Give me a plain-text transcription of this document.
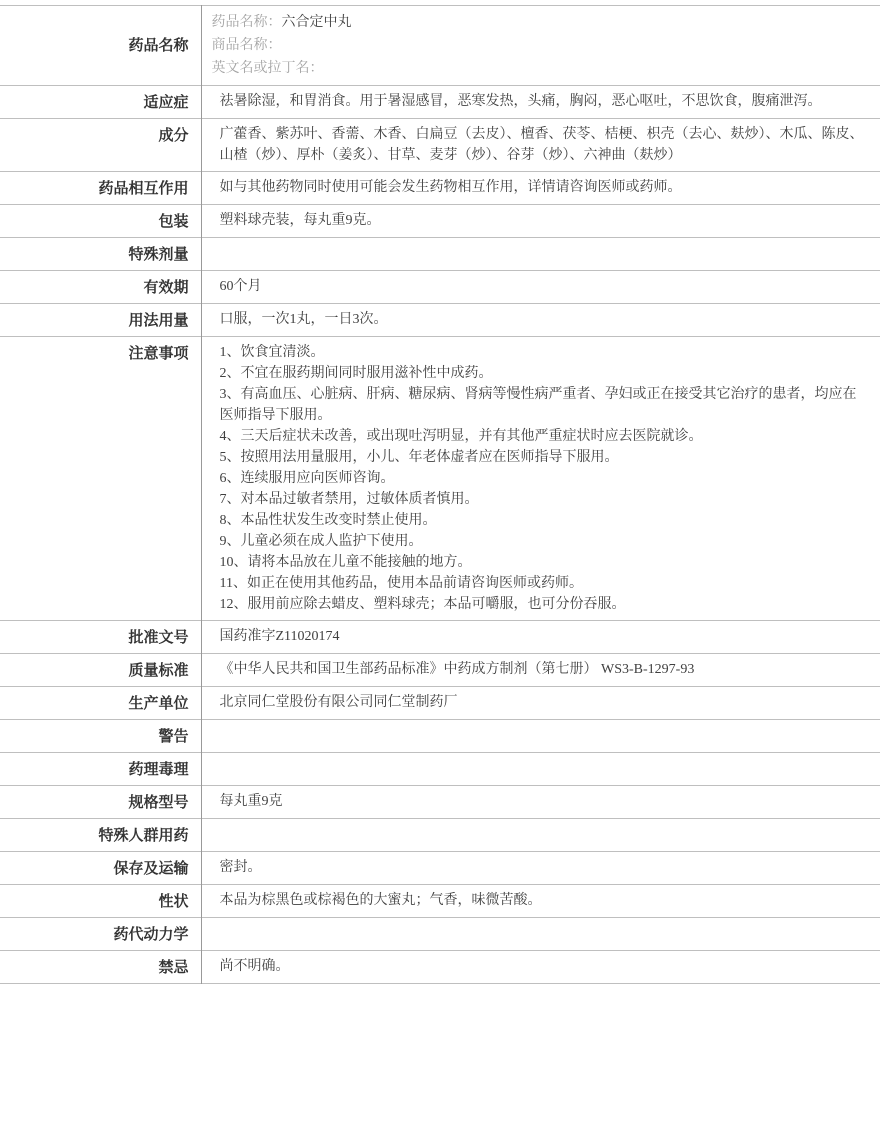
药品名称	药品名称：六合定中丸
商品名称：
英文名或拉丁名：

适应症	祛暑除湿，和胃消食。用于暑湿感冒，恶寒发热，头痛，胸闷，恶心呕吐，不思饮食，腹痛泄泻。
成分	广藿香、紫苏叶、香薷、木香、白扁豆（去皮）、檀香、茯苓、桔梗、枳壳（去心、麸炒）、木瓜、陈皮、山楂（炒）、厚朴（姜炙）、甘草、麦芽（炒）、谷芽（炒）、六神曲（麸炒）
药品相互作用	如与其他药物同时使用可能会发生药物相互作用，详情请咨询医师或药师。
包装	塑料球壳装，每丸重9克。
特殊剂量	
有效期	60个月
用法用量	口服，一次1丸，一日3次。
注意事项	1、饮食宜清淡。
2、不宜在服药期间同时服用滋补性中成药。
3、有高血压、心脏病、肝病、糖尿病、肾病等慢性病严重者、孕妇或正在接受其它治疗的患者，均应在医师指导下服用。
4、三天后症状未改善，或出现吐泻明显，并有其他严重症状时应去医院就诊。
5、按照用法用量服用，小儿、年老体虚者应在医师指导下服用。
6、连续服用应向医师咨询。
7、对本品过敏者禁用，过敏体质者慎用。
8、本品性状发生改变时禁止使用。
9、儿童必须在成人监护下使用。
10、请将本品放在儿童不能接触的地方。
11、如正在使用其他药品，使用本品前请咨询医师或药师。
12、服用前应除去蜡皮、塑料球壳；本品可嚼服，也可分份吞服。

批准文号	国药准字Z11020174
质量标准	《中华人民共和国卫生部药品标准》中药成方制剂（第七册） WS3-B-1297-93
生产单位	北京同仁堂股份有限公司同仁堂制药厂
警告	
药理毒理	
规格型号	每丸重9克
特殊人群用药	
保存及运输	密封。
性状	本品为棕黑色或棕褐色的大蜜丸；气香，味微苦酸。
药代动力学	
禁忌	尚不明确。
